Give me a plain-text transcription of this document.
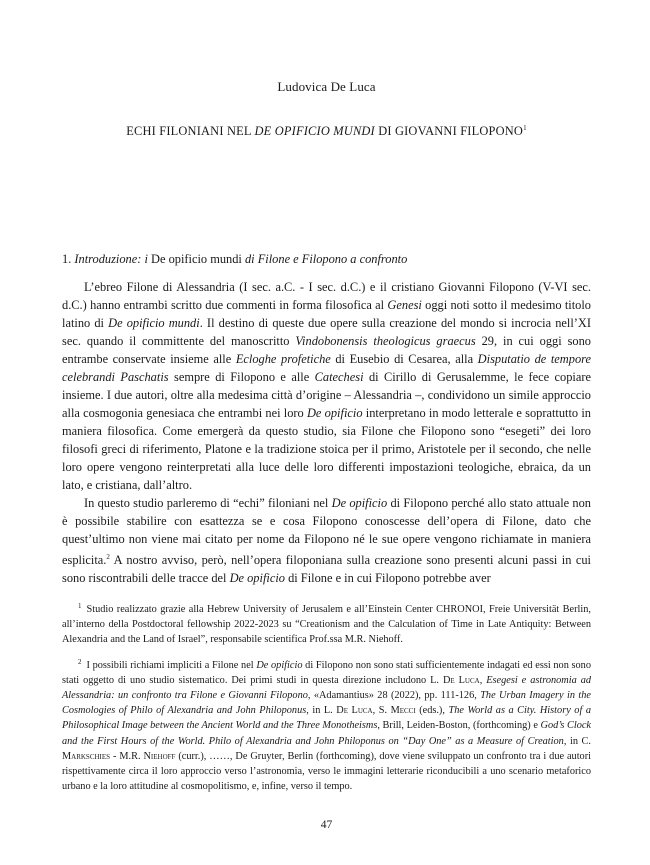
Ludovica De Luca
ECHI FILONIANI NEL DE OPIFICIO MUNDI DI GIOVANNI FILOPONO$^1$
1. Introduzione: i De opificio mundi di Filone e Filopono a confronto

L’ebreo Filone di Alessandria (I sec. a.C. - I sec. d.C.) e il cristiano Giovanni Filopono (V-VI sec. d.C.) hanno entrambi scritto due commenti in forma filosofica al Genesi oggi noti sotto il medesimo titolo latino di De opificio mundi. Il destino di queste due opere sulla creazione del mondo si incrocia nell’XI sec. quando il committente del manoscritto Vindobonensis theologicus graecus 29, in cui oggi sono entrambe conservate insieme alle Ecloghe profetiche di Eusebio di Cesarea, alla Disputatio de tempore celebrandi Paschatis sempre di Filopono e alle Catechesi di Cirillo di Gerusalemme, le fece copiare insieme. I due autori, oltre alla medesima città d’origine – Alessandria –, condividono un simile approccio alla cosmogonia genesiaca che entrambi nei loro De opificio interpretano in modo letterale e soprattutto in maniera filosofica. Come emergerà da questo studio, sia Filone che Filopono sono “esegeti” dei loro filosofi greci di riferimento, Platone e la tradizione stoica per il primo, Aristotele per il secondo, che nelle loro opere vengono reinterpretati alla luce delle loro differenti impostazioni teologiche, ebraica, da un lato, e cristiana, dall’altro.

In questo studio parleremo di “echi” filoniani nel De opificio di Filopono perché allo stato attuale non è possibile stabilire con esattezza se e cosa Filopono conoscesse dell’opera di Filone, dato che quest’ultimo non viene mai citato per nome da Filopono né le sue opere vengono richiamate in maniera esplicita.$^2$ A nostro avviso, però, nell’opera filoponiana sulla creazione sono presenti alcuni passi in cui sono riscontrabili delle tracce del De opificio di Filone e in cui Filopono potrebbe aver

$^1$ Studio realizzato grazie alla Hebrew University of Jerusalem e all’Einstein Center CHRONOI, Freie Universität Berlin, all’interno della Postdoctoral fellowship 2022-2023 su “Creationism and the Calculation of Time in Late Antiquity: Between Alexandria and the Land of Israel”, responsabile scientifica Prof.ssa M.R. Niehoff.

$^2$ I possibili richiami impliciti a Filone nel De opificio di Filopono non sono stati sufficientemente indagati ed essi non sono stati oggetto di uno studio sistematico. Dei primi studi in questa direzione includono L. De Luca, Esegesi e astronomia ad Alessandria: un confronto tra Filone e Giovanni Filopono, «Adamantius» 28 (2022), pp. 111-126, The Urban Imagery in the Cosmologies of Philo of Alexandria and John Philoponus, in L. De Luca, S. Mecci (eds.), The World as a City. History of a Philosophical Image between the Ancient World and the Three Monotheisms, Brill, Leiden-Boston, (forthcoming) e God’s Clock and the First Hours of the World. Philo of Alexandria and John Philoponus on “Day One” as a Measure of Creation, in C. Markschies - M.R. Niehoff (curr.), ……, De Gruyter, Berlin (forthcoming), dove viene sviluppato un confronto tra i due autori rispettivamente circa il loro approccio verso l’astronomia, verso le immagini letterarie riconducibili a uno scenario metaforico urbano e la loro attitudine al cosmopolitismo, e, infine, verso il tempo.

47
